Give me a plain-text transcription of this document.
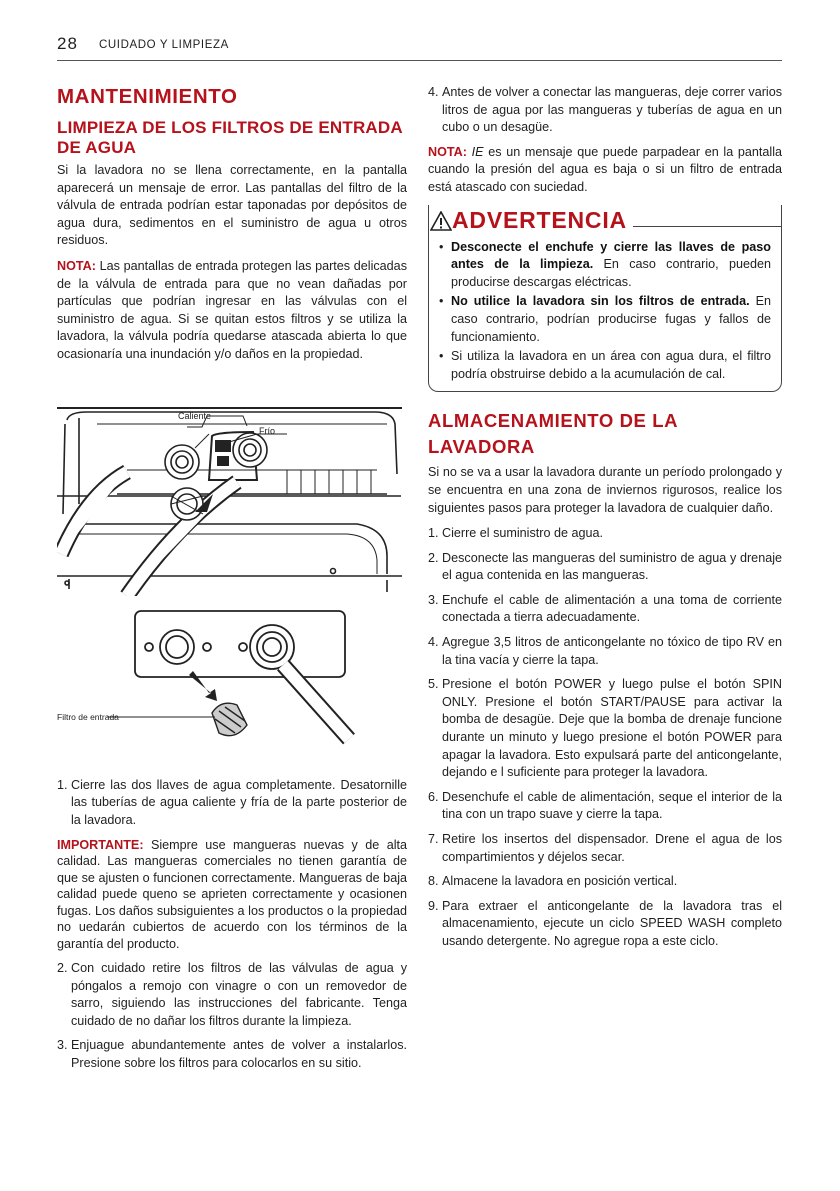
28 CUIDADO Y LIMPIEZA
MANTENIMIENTO
LIMPIEZA DE LOS FILTROS DE ENTRADA DE AGUA

Si la lavadora no se llena correctamente, en la pantalla aparecerá un mensaje de error. Las pantallas del filtro de la válvula de entrada podrían estar taponadas por depósitos de agua dura, sedimentos en el suministro de agua u otros residuos.

NOTA: Las pantallas de entrada protegen las partes delicadas de la válvula de entrada para que no vean dañadas por partículas que podrían ingresar en las válvulas con el suministro de agua. Si se quitan estos filtros y se utiliza la lavadora, la válvula podría quedarse atascada abierta lo que ocasionaría una inundación y/o daños en la propiedad.

Caliente
Frío

Filtro de entrada
1. Cierre las dos llaves de agua completamente. Desatornille las tuberías de agua caliente y fría de la parte posterior de la lavadora.

IMPORTANTE: Siempre use mangueras nuevas y de alta calidad. Las mangueras comerciales no tienen garantía de que se ajusten o funcionen correctamente. Mangueras de baja calidad puede queno se aprieten correctamente y ocasionen fugas. Los daños subsiguientes a los productos o la propiedad no uedarán cubiertos de acuerdo con los términos de la garantía del producto.

2. Con cuidado retire los filtros de las válvulas de agua y póngalos a remojo con vinagre o con un removedor de sarro, siguiendo las instrucciones del fabricante. Tenga cuidado de no dañar los filtros durante la limpieza.
3. Enjuague abundantemente antes de volver a instalarlos. Presione sobre los filtros para colocarlos en su sitio.
4. Antes de volver a conectar las mangueras, deje correr varios litros de agua por las mangueras y tuberías de agua en un cubo o un desagüe.

NOTA: IE es un mensaje que puede parpadear en la pantalla cuando la presión del agua es baja o si un filtro de entrada está atascado con suciedad.

ADVERTENCIA
• Desconecte el enchufe y cierre las llaves de paso antes de la limpieza. En caso contrario, pueden producirse descargas eléctricas.
• No utilice la lavadora sin los filtros de entrada. En caso contrario, podrían producirse fugas y fallos de funcionamiento.
• Si utiliza la lavadora en un área con agua dura, el filtro podría obstruirse debido a la acumulación de cal.
ALMACENAMIENTO DE LA LAVADORA

Si no se va a usar la lavadora durante un período prolongado y se encuentra en una zona de inviernos rigurosos, realice los siguientes pasos para proteger la lavadora de cualquier daño.

1. Cierre el suministro de agua.
2. Desconecte las mangueras del suministro de agua y drenaje el agua contenida en las mangueras.
3. Enchufe el cable de alimentación a una toma de corriente conectada a tierra adecuadamente.
4. Agregue 3,5 litros de anticongelante no tóxico de tipo RV en la tina vacía y cierre la tapa.
5. Presione el botón POWER y luego pulse el botón SPIN ONLY. Presione el botón START/PAUSE para activar la bomba de desagüe. Deje que la bomba de drenaje funcione durante un minuto y luego presione el botón POWER para apagar la lavadora. Esto expulsará parte del anticongelante, dejando e l suficiente para proteger la lavadora.
6. Desenchufe el cable de alimentación, seque el interior de la tina con un trapo suave y cierre la tapa.
7. Retire los insertos del dispensador. Drene el agua de los compartimientos y déjelos secar.
8. Almacene la lavadora en posición vertical.
9. Para extraer el anticongelante de la lavadora tras el almacenamiento, ejecute un ciclo SPEED WASH completo usando detergente. No agregue ropa a este ciclo.
